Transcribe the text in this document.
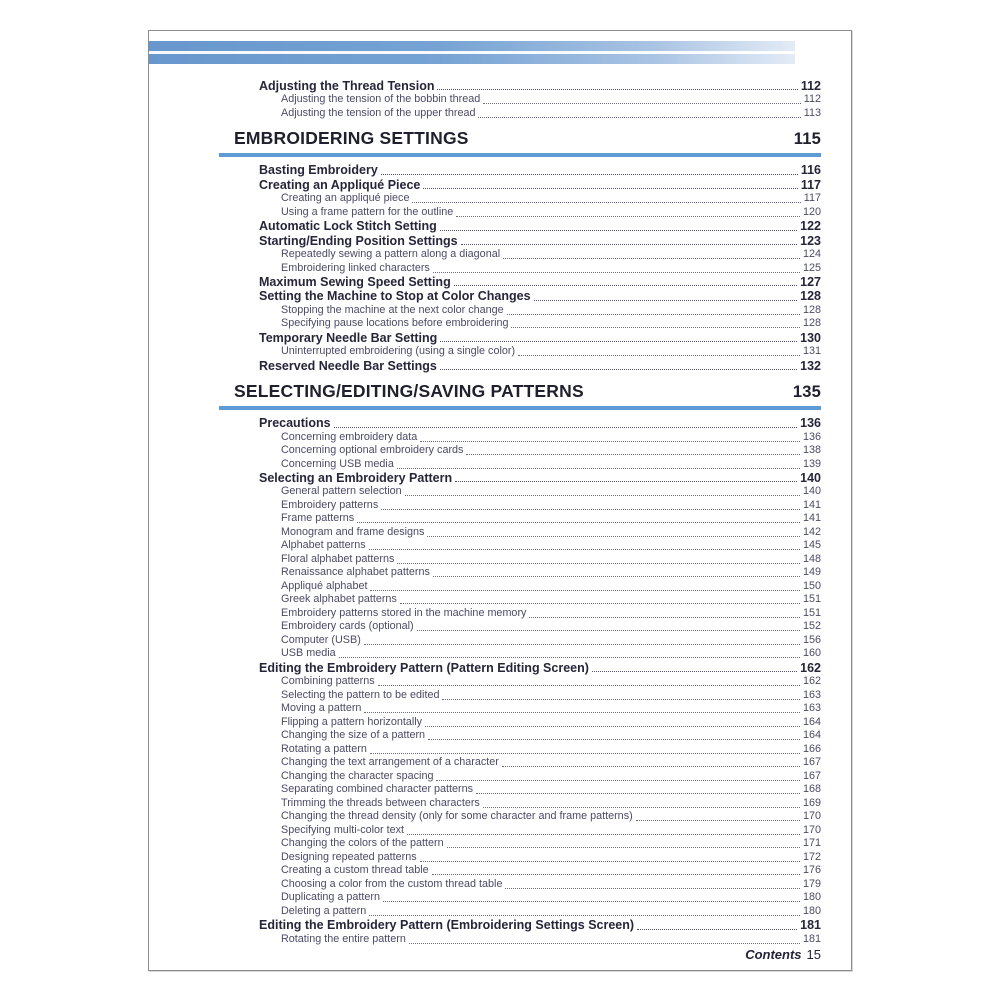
Adjusting the Thread Tension	112
Adjusting the tension of the bobbin thread	112
Adjusting the tension of the upper thread	113
EMBROIDERING SETTINGS	115
Basting Embroidery	116
Creating an Appliqué Piece	117
Creating an appliqué piece	117
Using a frame pattern for the outline	120
Automatic Lock Stitch Setting	122
Starting/Ending Position Settings	123
Repeatedly sewing a pattern along a diagonal	124
Embroidering linked characters	125
Maximum Sewing Speed Setting	127
Setting the Machine to Stop at Color Changes	128
Stopping the machine at the next color change	128
Specifying pause locations before embroidering	128
Temporary Needle Bar Setting	130
Uninterrupted embroidering (using a single color)	131
Reserved Needle Bar Settings	132
SELECTING/EDITING/SAVING PATTERNS	135
Precautions	136
Concerning embroidery data	136
Concerning optional embroidery cards	138
Concerning USB media	139
Selecting an Embroidery Pattern	140
General pattern selection	140
Embroidery patterns	141
Frame patterns	141
Monogram and frame designs	142
Alphabet patterns	145
Floral alphabet patterns	148
Renaissance alphabet patterns	149
Appliqué alphabet	150
Greek alphabet patterns	151
Embroidery patterns stored in the machine memory	151
Embroidery cards (optional)	152
Computer (USB)	156
USB media	160
Editing the Embroidery Pattern (Pattern Editing Screen)	162
Combining patterns	162
Selecting the pattern to be edited	163
Moving a pattern	163
Flipping a pattern horizontally	164
Changing the size of a pattern	164
Rotating a pattern	166
Changing the text arrangement of a character	167
Changing the character spacing	167
Separating combined character patterns	168
Trimming the threads between characters	169
Changing the thread density (only for some character and frame patterns)	170
Specifying multi-color text	170
Changing the colors of the pattern	171
Designing repeated patterns	172
Creating a custom thread table	176
Choosing a color from the custom thread table	179
Duplicating a pattern	180
Deleting a pattern	180
Editing the Embroidery Pattern (Embroidering Settings Screen)	181
Rotating the entire pattern	181
Contents 15
